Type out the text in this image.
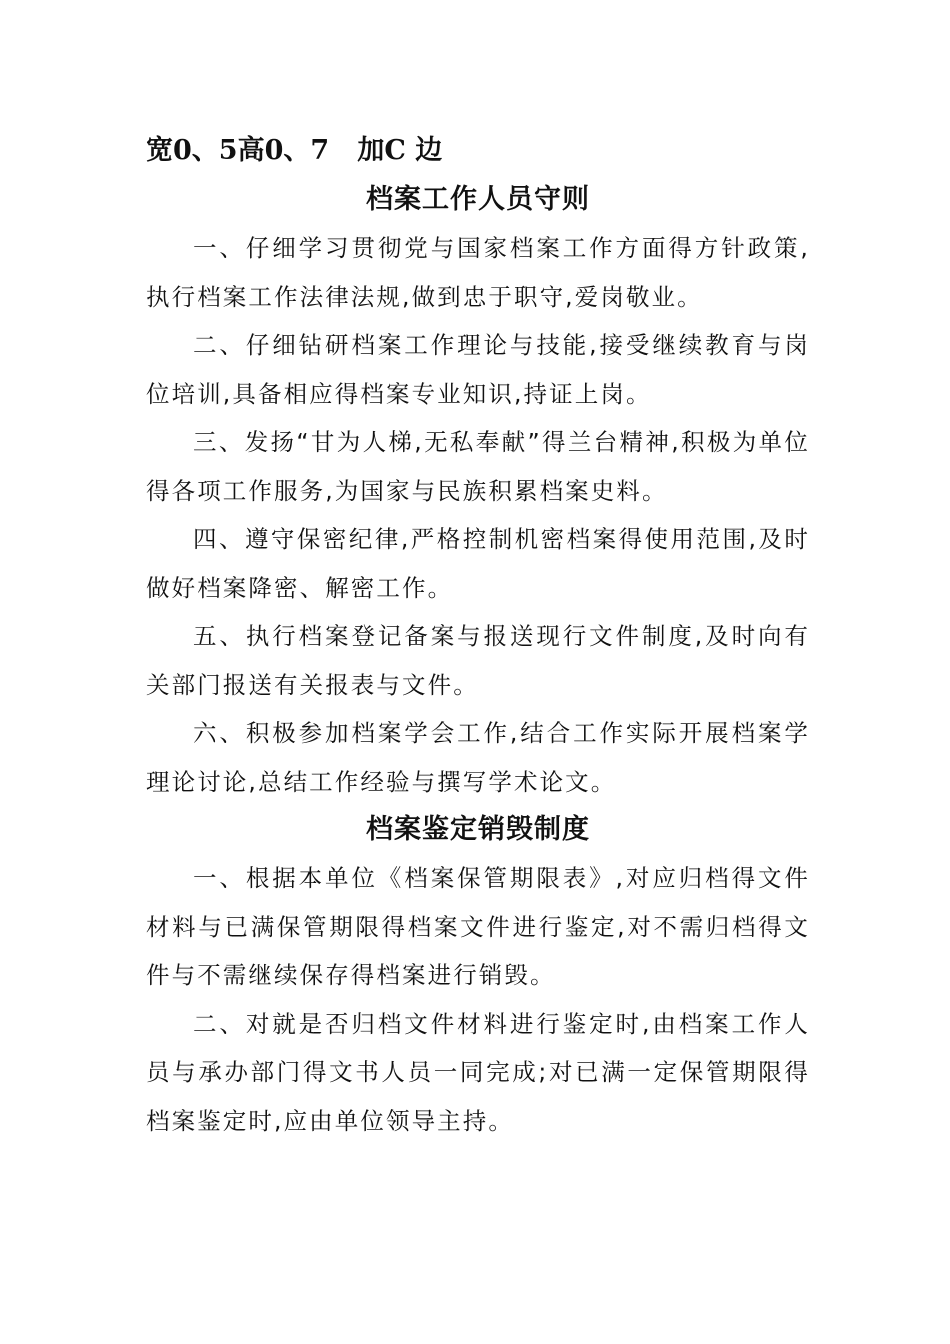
宽0、5高0、7   加C 边
档案工作人员守则

一、仔细学习贯彻党与国家档案工作方面得方针政策,执行档案工作法律法规,做到忠于职守,爱岗敬业。

二、仔细钻研档案工作理论与技能,接受继续教育与岗位培训,具备相应得档案专业知识,持证上岗。

三、发扬“甘为人梯,无私奉献”得兰台精神,积极为单位得各项工作服务,为国家与民族积累档案史料。

四、遵守保密纪律,严格控制机密档案得使用范围,及时做好档案降密、解密工作。

五、执行档案登记备案与报送现行文件制度,及时向有关部门报送有关报表与文件。

六、积极参加档案学会工作,结合工作实际开展档案学理论讨论,总结工作经验与撰写学术论文。

档案鉴定销毁制度

一、根据本单位《档案保管期限表》,对应归档得文件材料与已满保管期限得档案文件进行鉴定,对不需归档得文件与不需继续保存得档案进行销毁。

二、对就是否归档文件材料进行鉴定时,由档案工作人员与承办部门得文书人员一同完成;对已满一定保管期限得档案鉴定时,应由单位领导主持。
